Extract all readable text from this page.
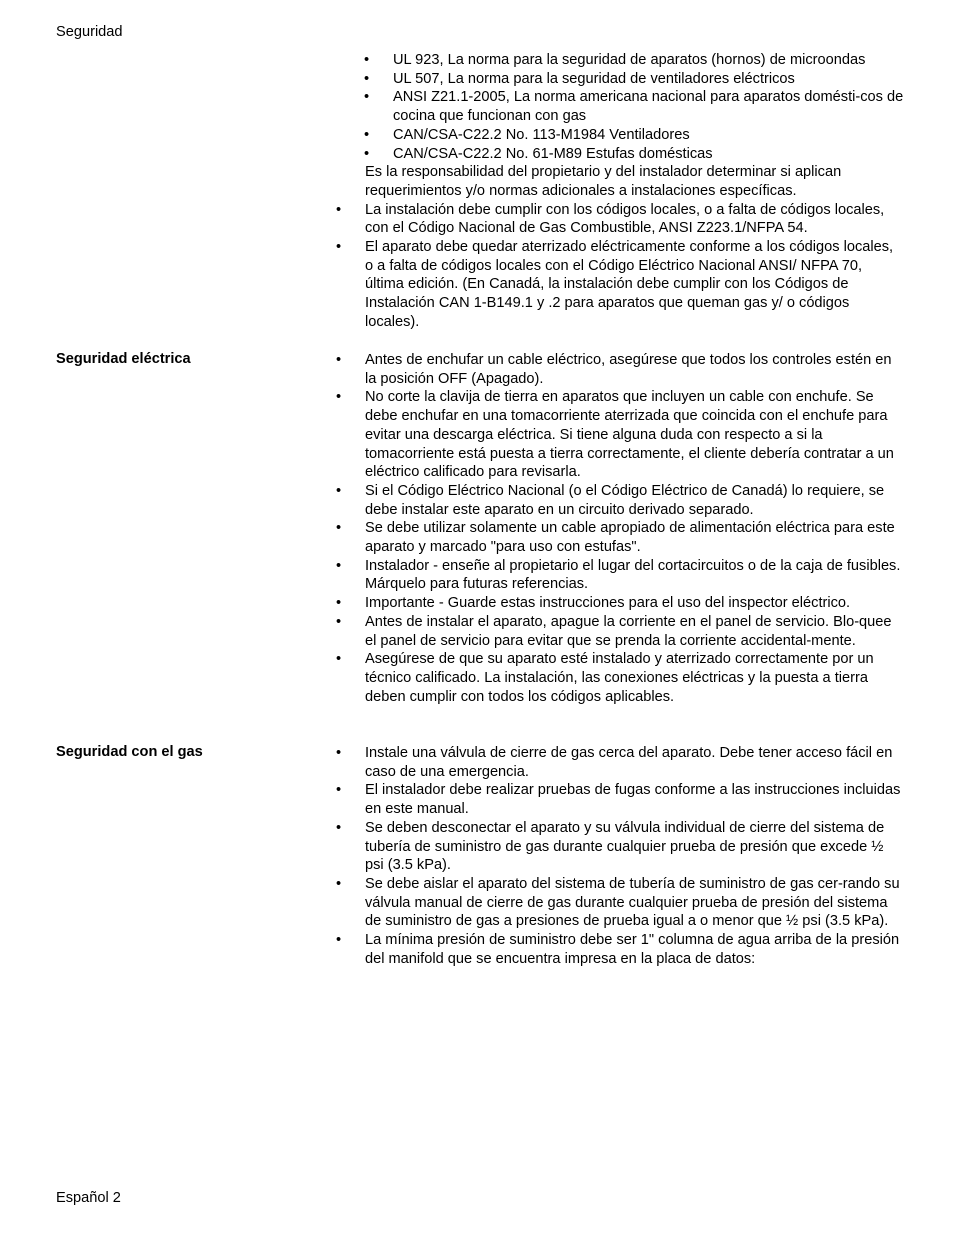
Seguridad
• UL 923, La norma para la seguridad de aparatos (hornos) de microondas
• UL 507, La norma para la seguridad de ventiladores eléctricos
• ANSI Z21.1-2005, La norma americana nacional para aparatos domésti-cos de cocina que funcionan con gas
• CAN/CSA-C22.2 No. 113-M1984 Ventiladores
• CAN/CSA-C22.2 No. 61-M89 Estufas domésticas

Es la responsabilidad del propietario y del instalador determinar si aplican requerimientos y/o normas adicionales a instalaciones específicas.

• La instalación debe cumplir con los códigos locales, o a falta de códigos locales, con el Código Nacional de Gas Combustible, ANSI Z223.1/NFPA 54.
• El aparato debe quedar aterrizado eléctricamente conforme a los códigos locales, o a falta de códigos locales con el Código Eléctrico Nacional ANSI/ NFPA 70, última edición. (En Canadá, la instalación debe cumplir con los Códigos de Instalación CAN 1-B149.1 y .2 para aparatos que queman gas y/ o códigos locales).
Seguridad eléctrica	• Antes de enchufar un cable eléctrico, asegúrese que todos los controles estén en la posición OFF (Apagado).
• No corte la clavija de tierra en aparatos que incluyen un cable con enchufe. Se debe enchufar en una tomacorriente aterrizada que coincida con el enchufe para evitar una descarga eléctrica. Si tiene alguna duda con respecto a si la tomacorriente está puesta a tierra correctamente, el cliente debería contratar a un eléctrico calificado para revisarla.
• Si el Código Eléctrico Nacional (o el Código Eléctrico de Canadá) lo requiere, se debe instalar este aparato en un circuito derivado separado.
• Se debe utilizar solamente un cable apropiado de alimentación eléctrica para este aparato y marcado "para uso con estufas".
• Instalador - enseñe al propietario el lugar del cortacircuitos o de la caja de fusibles. Márquelo para futuras referencias.
• Importante - Guarde estas instrucciones para el uso del inspector eléctrico.
• Antes de instalar el aparato, apague la corriente en el panel de servicio. Blo-quee el panel de servicio para evitar que se prenda la corriente accidental-mente.
• Asegúrese de que su aparato esté instalado y aterrizado correctamente por un técnico calificado. La instalación, las conexiones eléctricas y la puesta a tierra deben cumplir con todos los códigos aplicables.
Seguridad con el gas	• Instale una válvula de cierre de gas cerca del aparato. Debe tener acceso fácil en caso de una emergencia.
• El instalador debe realizar pruebas de fugas conforme a las instrucciones incluidas en este manual.
• Se deben desconectar el aparato y su válvula individual de cierre del sistema de tubería de suministro de gas durante cualquier prueba de presión que excede ½ psi (3.5 kPa).
• Se debe aislar el aparato del sistema de tubería de suministro de gas cer-rando su válvula manual de cierre de gas durante cualquier prueba de presión del sistema de suministro de gas a presiones de prueba igual a o menor que ½ psi (3.5 kPa).
• La mínima presión de suministro debe ser 1" columna de agua arriba de la presión del manifold que se encuentra impresa en la placa de datos:
Español 2
